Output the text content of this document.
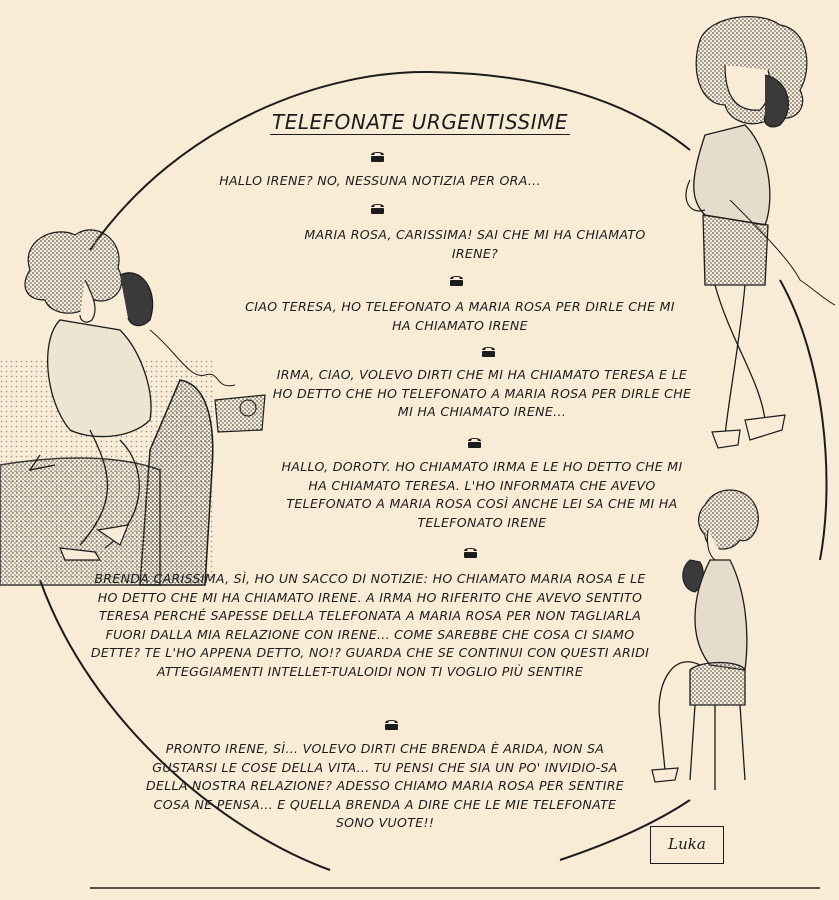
TELEFONATE URGENTISSIME
HALLO IRENE? NO, NESSUNA NOTIZIA PER ORA...
MARIA ROSA, CARISSIMA! SAI CHE MI HA CHIAMATO IRENE?
CIAO TERESA, HO TELEFONATO A MARIA ROSA PER DIRLE CHE MI HA CHIAMATO IRENE
IRMA, CIAO, VOLEVO DIRTI CHE MI HA CHIAMATO TERESA E LE HO DETTO CHE HO TELEFONATO A MARIA ROSA PER DIRLE CHE MI HA CHIAMATO IRENE...
HALLO, DOROTY. HO CHIAMATO IRMA E LE HO DETTO CHE MI HA CHIAMATO TERESA. L'HO INFORMATA CHE AVEVO TELEFONATO A MARIA ROSA COSÌ ANCHE LEI SA CHE MI HA TELEFONATO IRENE
BRENDA CARISSIMA, SÌ, HO UN SACCO DI NOTIZIE: HO CHIAMATO MARIA ROSA E LE HO DETTO CHE MI HA CHIAMATO IRENE. A IRMA HO RIFERITO CHE AVEVO SENTITO TERESA PERCHÉ SAPESSE DELLA TELEFONATA A MARIA ROSA PER NON TAGLIARLA FUORI DALLA MIA RELAZIONE CON IRENE... COME SAREBBE CHE COSA CI SIAMO DETTE? TE L'HO APPENA DETTO, NO!? GUARDA CHE SE CONTINUI CON QUESTI ARIDI ATTEGGIAMENTI INTELLET-TUALOIDI NON TI VOGLIO PIÙ SENTIRE
PRONTO IRENE, SÌ... VOLEVO DIRTI CHE BRENDA È ARIDA, NON SA GUSTARSI LE COSE DELLA VITA... TU PENSI CHE SIA UN PO' INVIDIO-SA DELLA NOSTRA RELAZIONE? ADESSO CHIAMO MARIA ROSA PER SENTIRE COSA NE PENSA... E QUELLA BRENDA A DIRE CHE LE MIE TELEFONATE SONO VUOTE!!
Luka
